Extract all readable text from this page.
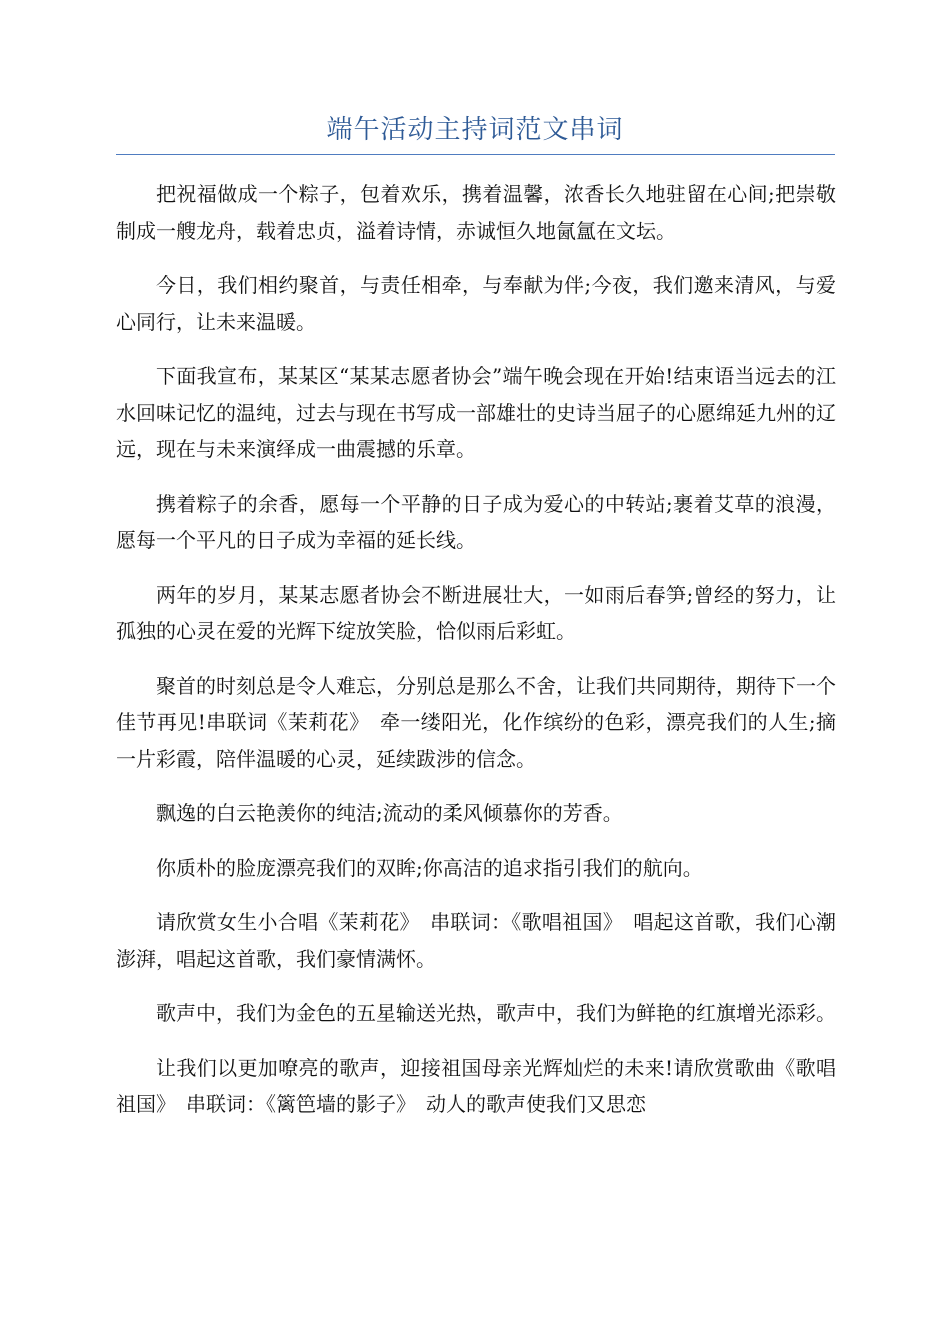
端午活动主持词范文串词

把祝福做成一个粽子，包着欢乐，携着温馨，浓香长久地驻留在心间;把崇敬制成一艘龙舟，载着忠贞，溢着诗情，赤诚恒久地氤氲在文坛。

今日，我们相约聚首，与责任相牵，与奉献为伴;今夜，我们邀来清风，与爱心同行，让未来温暖。

下面我宣布，某某区“某某志愿者协会”端午晚会现在开始!结束语当远去的江水回味记忆的温纯，过去与现在书写成一部雄壮的史诗当屈子的心愿绵延九州的辽远，现在与未来演绎成一曲震撼的乐章。

携着粽子的余香，愿每一个平静的日子成为爱心的中转站;裹着艾草的浪漫，愿每一个平凡的日子成为幸福的延长线。

两年的岁月，某某志愿者协会不断进展壮大，一如雨后春笋;曾经的努力，让孤独的心灵在爱的光辉下绽放笑脸，恰似雨后彩虹。

聚首的时刻总是令人难忘，分别总是那么不舍，让我们共同期待，期待下一个佳节再见!串联词《茉莉花》　牵一缕阳光，化作缤纷的色彩，漂亮我们的人生;摘一片彩霞，陪伴温暖的心灵，延续跋涉的信念。

飘逸的白云艳羡你的纯洁;流动的柔风倾慕你的芳香。

你质朴的脸庞漂亮我们的双眸;你高洁的追求指引我们的航向。

请欣赏女生小合唱《茉莉花》　串联词：《歌唱祖国》　唱起这首歌，我们心潮澎湃，唱起这首歌，我们豪情满怀。

歌声中，我们为金色的五星输送光热，歌声中，我们为鲜艳的红旗增光添彩。

让我们以更加嘹亮的歌声，迎接祖国母亲光辉灿烂的未来!请欣赏歌曲《歌唱祖国》　串联词：《篱笆墙的影子》　动人的歌声使我们又思恋
